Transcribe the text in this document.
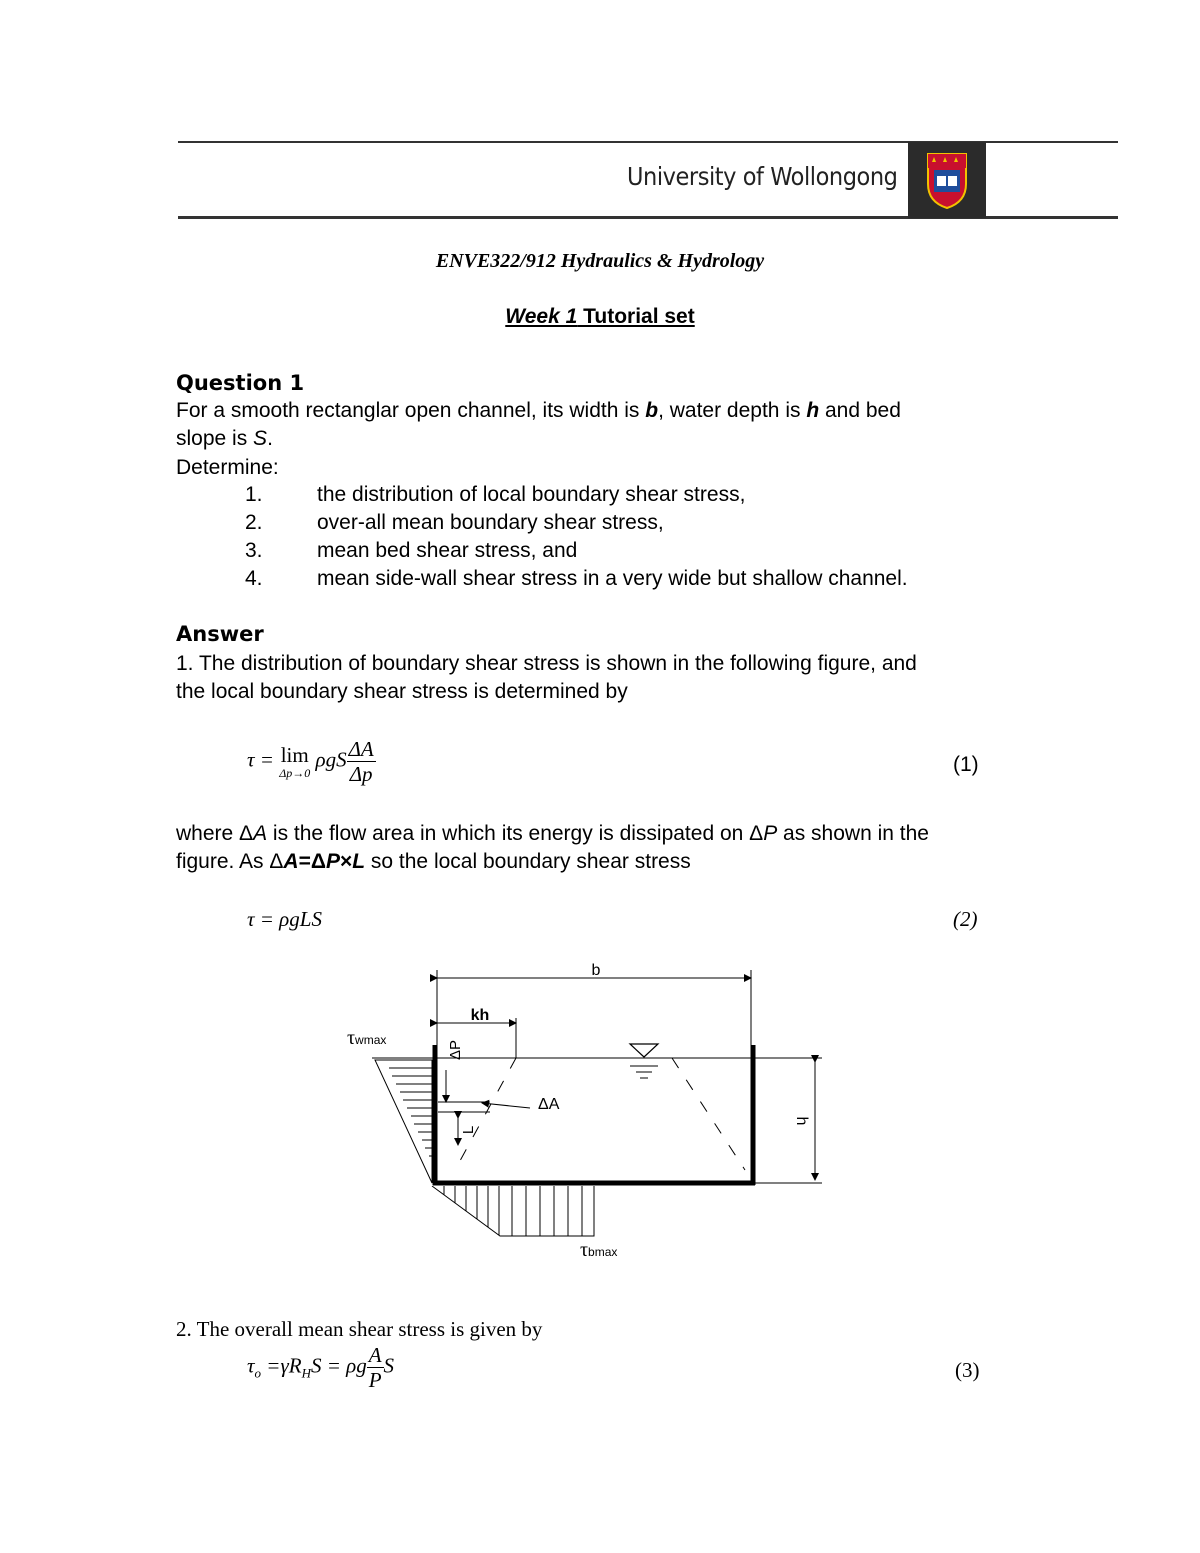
University of Wollongong
ENVE322/912 Hydraulics & Hydrology
Week 1 Tutorial set
Question 1
For a smooth rectanglar open channel, its width is b, water depth is h and bed
slope is S.
Determine:
1.	the distribution of local boundary shear stress,
2.	over-all mean boundary shear stress,
3.	mean bed shear stress, and
4.	mean side-wall shear stress in a very wide but shallow channel.
Answer
1. The distribution of boundary shear stress is shown in the following figure, and
the local boundary shear stress is determined by
τ = lim
Δp→0
ρgS $\frac{\Delta A}{\Delta p}$	(1)
where ΔA is the flow area in which its energy is dissipated on ΔP as shown in the
figure. As ΔA=ΔP×L so the local boundary shear stress
τ = ρgLS	(2)
b
kh
h
ΔP
L
ΔA
τwmax
τbmax
2. The overall mean shear stress is given by
$\tau_o =\gamma R_HS = \rho g \frac{A}{P}$ S	(3)
